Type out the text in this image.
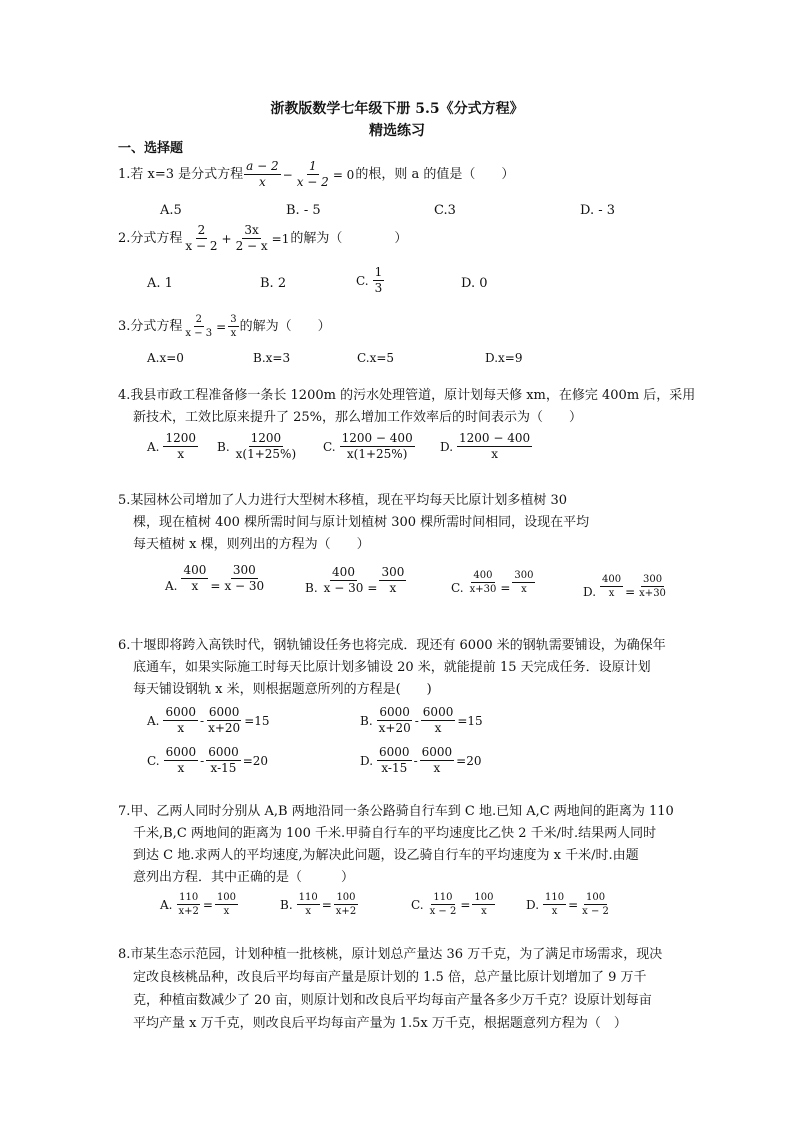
浙教版数学七年级下册 5.5《分式方程》
精选练习
一、选择题
1.若 x=3 是分式方程
a − 2
x
− $\frac{1}{x - 2} = 0$ 的根，则 a 的值是（　　）
A.5	B. - 5	C.3	D. - 3
2.分式方程
2
x − 2
+ $\frac{3x}{2 - x} =1$ 的解为（　　　　）
A. 1	B. 2	C.
1
3	D. 0
3.分式方程 $\frac{2}{x - 3} = \frac{3}{x}$ 的解为（　　）
A.x=0	B.x=3	C.x=5	D.x=9
4.我县市政工程准备修一条长 1200m 的污水处理管道，原计划每天修 xm，在修完 400m 后，采用
新技术，工效比原来提升了 25%，那么增加工作效率后的时间表示为（　　）
A.
1200
x
B.
1200
x(1+25%)
C.
1200 − 400
x(1+25%)
D.
1200 − 400
x
5.某园林公司增加了人力进行大型树木移植，现在平均每天比原计划多植树 30
棵，现在植树 400 棵所需时间与原计划植树 300 棵所需时间相同，设现在平均
每天植树 x 棵，则列出的方程为（　　）
A. $\frac{400}{x} = \frac{300}{x - 30}$	B. $\frac{400}{x - 30} = \frac{300}{x}$	C. $\frac{400}{x+30} = \frac{300}{x}$	D. $\frac{400}{x} = \frac{300}{x+30}$
6.十堰即将跨入高铁时代，钢轨铺设任务也将完成．现还有 6000 米的钢轨需要铺设，为确保年
底通车，如果实际施工时每天比原计划多铺设 20 米，就能提前 15 天完成任务．设原计划
每天铺设钢轨 x 米，则根据题意所列的方程是(　　)
A.
6000
x
- $\frac{6000}{x+20} =15$	B.
6000
x+20
- $\frac{6000}{x} =15$
C.
6000
x
- $\frac{6000}{x-15} =20$	D.
6000
x-15
- $\frac{6000}{x} =20$
7.甲、乙两人同时分别从 A,B 两地沿同一条公路骑自行车到 C 地.已知 A,C 两地间的距离为 110
千米,B,C 两地间的距离为 100 千米.甲骑自行车的平均速度比乙快 2 千米/时.结果两人同时
到达 C 地.求两人的平均速度,为解决此问题，设乙骑自行车的平均速度为 x 千米/时.由题
意列出方程．其中正确的是（　　　）
A. $\frac{110}{x+2} = \frac{100}{x}$	B. $\frac{110}{x} = \frac{100}{x+2}$	C. $\frac{110}{x - 2} = \frac{100}{x}$	D. $\frac{110}{x} = \frac{100}{x - 2}$
8.市某生态示范园，计划种植一批核桃，原计划总产量达 36 万千克，为了满足市场需求，现决
定改良核桃品种，改良后平均每亩产量是原计划的 1.5 倍，总产量比原计划增加了 9 万千
克，种植亩数减少了 20 亩，则原计划和改良后平均每亩产量各多少万千克？设原计划每亩
平均产量 x 万千克，则改良后平均每亩产量为 1.5x 万千克，根据题意列方程为（　）
